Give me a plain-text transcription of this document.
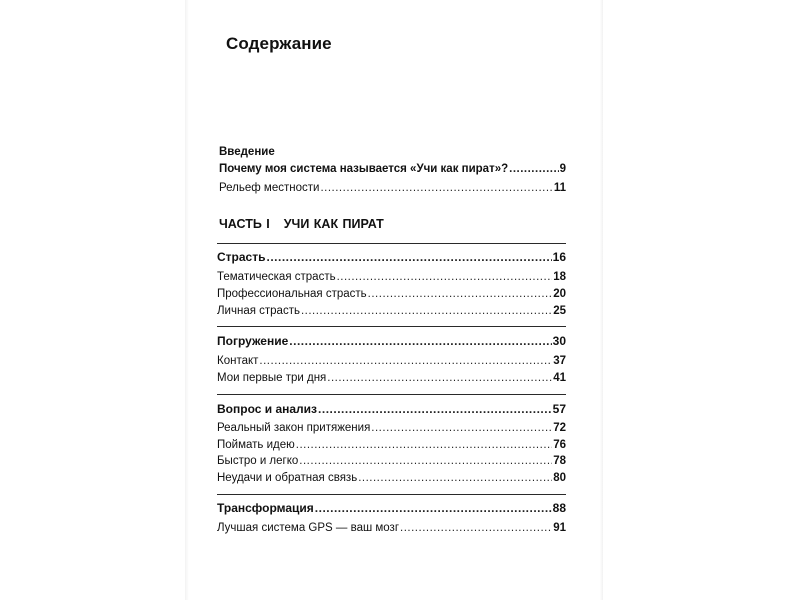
Содержание
Введение
Почему моя система называется «Учи как пират»? .....	9
Рельеф местности .....	11
ЧАСТЬ I УЧИ КАК ПИРАТ
Страсть .....	16
Тематическая страсть .....	18
Профессиональная страсть .....	20
Личная страсть .....	25
Погружение .....	30
Контакт .....	37
Мои первые три дня .....	41
Вопрос и анализ .....	57
Реальный закон притяжения .....	72
Поймать идею .....	76
Быстро и легко .....	78
Неудачи и обратная связь .....	80
Трансформация .....	88
Лучшая система GPS — ваш мозг .....	91
